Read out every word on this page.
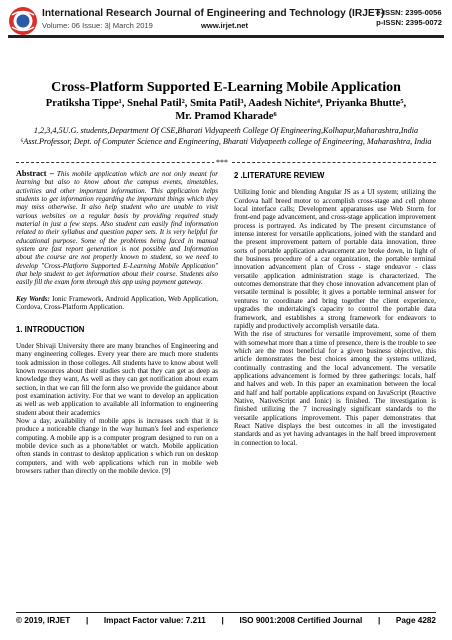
International Research Journal of Engineering and Technology (IRJET)
Volume: 06 Issue: 3| March 2019	www.irjet.net
e-ISSN: 2395-0056
p-ISSN: 2395-0072
Cross-Platform Supported E-Learning Mobile Application
Pratiksha Tippe¹, Snehal Patil², Smita Patil³, Aadesh Nichite⁴, Priyanka Bhutte⁵,
Mr. Pramod Kharade⁶
1,2,3,4,5U.G. students,Department Of CSE,Bharati Vidyapeeth College Of Engineering,Kolhapur,Maharashtra,India ⁶Asst.Professor, Dept. of Computer Science and Engineering, Bharati Vidyapeeth college of Engineering, Maharashtra, India
***

Abstract – This mobile application which are not only meant for learning but also to know about the campus events, timetables, activities and other important information. This application helps students to get information regarding the important things which they may miss otherwise. It also help student who are unable to visit various websites on a regular basis by providing required study material in just a few steps. Also student can easily find information related to their syllabus and question paper sets. It is very helpful for educational purpose. Some of the problems being faced in manual system are fast report generation is not possible and Information about the course are not properly known to student, so we need to develop "Cross-Platform Supported E-Learning Mobile Application" that help student to get information about their course. Students also easily fill the exam form through this app using payment gateway.

Key Words: Ionic Framework, Android Application, Web Application, Cordova, Cross-Platform Application.

1. INTRODUCTION

Under Shivaji University there are many branches of Engineering and many engineering colleges. Every year there are much more students took admission in those colleges. All students have to know about well known resources about their studies such that they can get as deep as knowledge they want, As well as they can get notification about exam section, in that we can fill the form also we provide the guidance about post examination activity. For that we want to develop an application as well as web application to available all information to engineering student about their academics

Now a day, availability of mobile apps is increases such that it is produce a noticeable change in the way human's feel and experience computing. A mobile app is a computer program designed to run on a mobile device such as a phone/tablet or watch. Mobile application often stands in contrast to desktop application s which run on desktop computers, and with web applications which run in mobile web browsers rather than directly on the mobile device. [9]

2 .LITERATURE REVIEW

Utilizing Ionic and blending Angular JS as a UI system; utilizing the Cordova half breed motor to accomplish cross-stage and cell phone local interface calls; Development apparatuses use Web Storm for front-end page advancement, and cross-stage application improvement process is portrayed. As indicated by The present circumstance of intense interest for versatile applications, joined with the standard and the present improvement pattern of portable data innovation, three sorts of portable application advancement are broke down, in light of the business procedure of a car organization, the portable terminal innovation advancement plan of Cross - stage endeavor - class versatile application administration stage is characterized. The outcomes demonstrate that they chose innovation advancement plan of versatile terminal is possible; it gives a portable terminal answer for ventures to coordinate and bring together the client experience, upgrades the undertaking's capacity to control the portable data framework, and establishes a strong framework for endeavors to rapidly and productively accomplish versatile data.

With the rise of structures for versatile improvement, some of them with somewhat more than a time of presence, there is the trouble to see which are the most beneficial for a given business objective, this article demonstrates the best choices among the systems utilized, continually contrasting and the local advancement. The versatile applications advancement is formed by three gatherings: locals, half and halves and web. In this paper an examination between the local and half and half portable applications expand on JavaScript (Reactive Native, NativeScript and Ionic) is finished. The investigation is finished utilizing the 7 increasingly significant standards to the versatile applications improvement. This paper demonstrates that React Native displays the best outcomes in all the investigated standards and as yet having advantages in the half breed improvement in connection to local.

© 2019, IRJET	|	Impact Factor value: 7.211	|	ISO 9001:2008 Certified Journal	|	Page 4282
